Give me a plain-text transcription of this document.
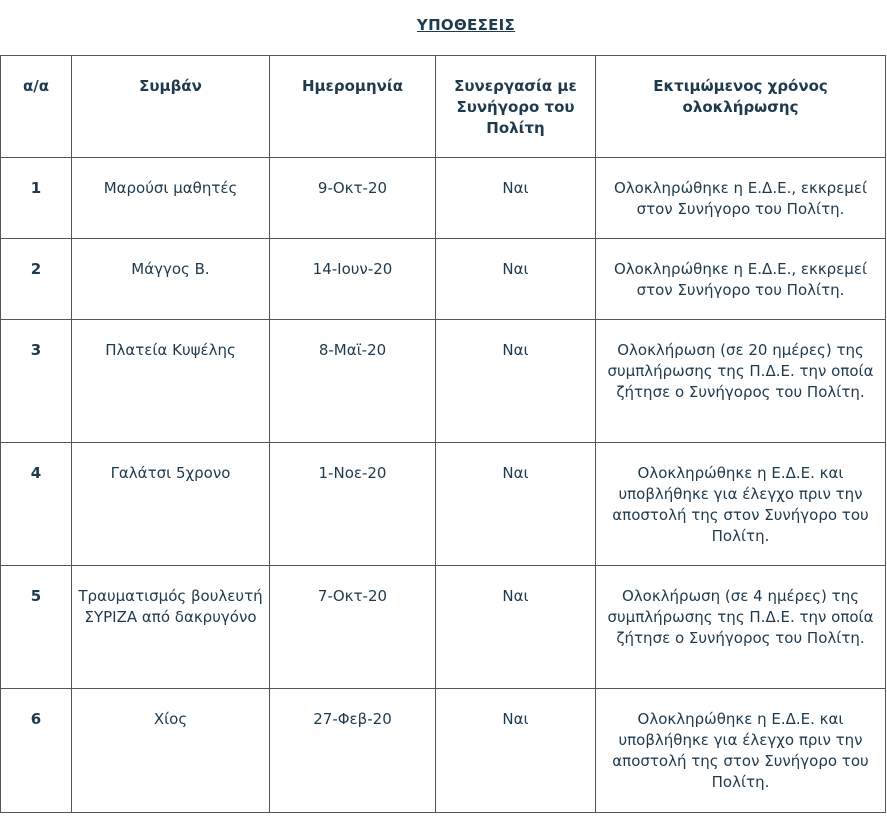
ΥΠΟΘΕΣΕΙΣ
α/α	Συμβάν	Ημερομηνία	Συνεργασία με Συνήγορο του Πολίτη	Εκτιμώμενος χρόνος ολοκλήρωσης
1	Μαρούσι μαθητές	9-Οκτ-20	Ναι	Ολοκληρώθηκε η Ε.Δ.Ε., εκκρεμεί στον Συνήγορο του Πολίτη.
2	Μάγγος Β.	14-Ιουν-20	Ναι	Ολοκληρώθηκε η Ε.Δ.Ε., εκκρεμεί στον Συνήγορο του Πολίτη.
3	Πλατεία Κυψέλης	8-Μαϊ-20	Ναι	Ολοκλήρωση (σε 20 ημέρες) της συμπλήρωσης της Π.Δ.Ε. την οποία ζήτησε ο Συνήγορος του Πολίτη.
4	Γαλάτσι 5χρονο	1-Νοε-20	Ναι	Ολοκληρώθηκε η Ε.Δ.Ε. και υποβλήθηκε για έλεγχο πριν την αποστολή της στον Συνήγορο του Πολίτη.
5	Τραυματισμός βουλευτή ΣΥΡΙΖΑ από δακρυγόνο	7-Οκτ-20	Ναι	Ολοκλήρωση (σε 4 ημέρες) της συμπλήρωσης της Π.Δ.Ε. την οποία ζήτησε ο Συνήγορος του Πολίτη.
6	Χίος	27-Φεβ-20	Ναι	Ολοκληρώθηκε η Ε.Δ.Ε. και υποβλήθηκε για έλεγχο πριν την αποστολή της στον Συνήγορο του Πολίτη.
